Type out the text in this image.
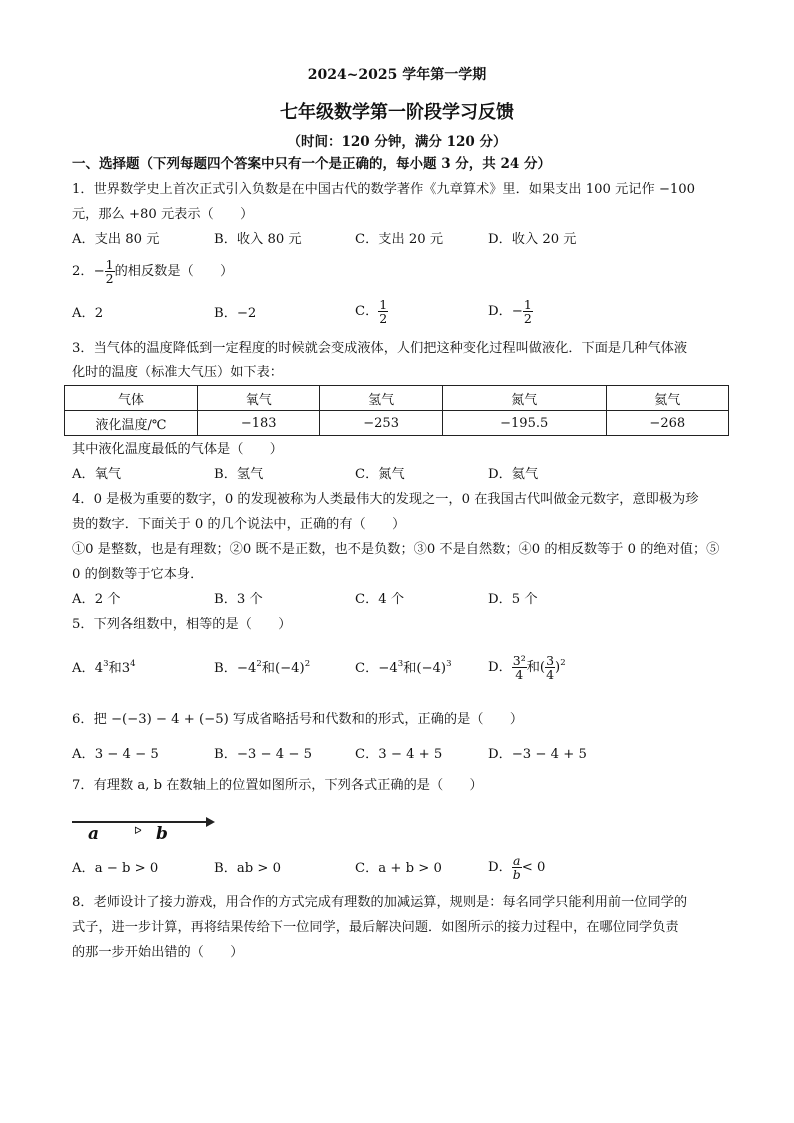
2024~2025 学年第一学期
七年级数学第一阶段学习反馈
（时间：120 分钟，满分 120 分）
一、选择题（下列每题四个答案中只有一个是正确的，每小题 3 分，共 24 分）
1．世界数学史上首次正式引入负数是在中国古代的数学著作《九章算术》里．如果支出 100 元记作 −100
元，那么 +80 元表示（　　）
A．支出 80 元	B．收入 80 元	C．支出 20 元	D．收入 20 元
2．− $\frac{1}{2}$ 的相反数是（　　）
A．2	B．−2	C． $\frac{1}{2}$	D．− $\frac{1}{2}$
3．当气体的温度降低到一定程度的时候就会变成液体，人们把这种变化过程叫做液化．下面是几种气体液
化时的温度（标准大气压）如下表：
气体	氧气	氢气	氮气	氦气
液化温度/℃	−183	−253	−195.5	−268
其中液化温度最低的气体是（　　）
A．氧气	B．氢气	C．氮气	D．氦气
4．0 是极为重要的数字，0 的发现被称为人类最伟大的发现之一，0 在我国古代叫做金元数字，意即极为珍
贵的数字．下面关于 0 的几个说法中，正确的有（　　）
①0 是整数，也是有理数；②0 既不是正数，也不是负数；③0 不是自然数；④0 的相反数等于 0 的绝对值；⑤
0 的倒数等于它本身．
A．2 个	B．3 个	C．4 个	D．5 个
5．下列各组数中，相等的是（　　）
A．$4^3$和$3^4$	B．$-4^2$和$(-4)^2$	C．$-4^3$和$(-4)^3$	D． $\frac{\text{3²}}{4}$ 和( $\frac{3}{4} )^2$
6．把 −(−3) − 4 + (−5) 写成省略括号和代数和的形式，正确的是（　　）
A．3 − 4 − 5	B．−3 − 4 − 5	C．3 − 4 + 5	D．−3 − 4 + 5
7．有理数 a, b 在数轴上的位置如图所示，下列各式正确的是（　　）
a	ᐅ b
A．a − b > 0	B．ab > 0	C．a + b > 0	D． $\frac{a}{b} < 0$
8．老师设计了接力游戏，用合作的方式完成有理数的加减运算，规则是：每名同学只能利用前一位同学的
式子，进一步计算，再将结果传给下一位同学，最后解决问题．如图所示的接力过程中，在哪位同学负责
的那一步开始出错的（　　）
